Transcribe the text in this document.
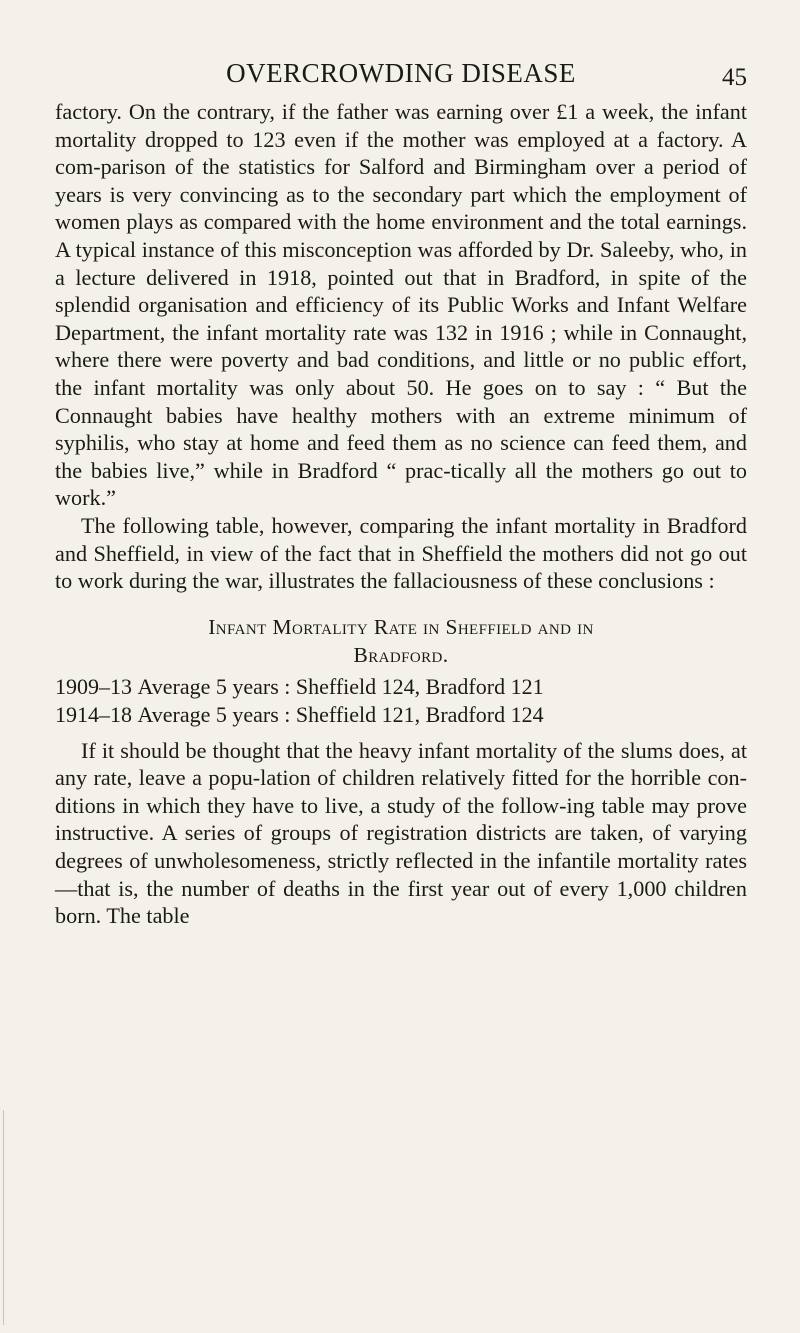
OVERCROWDING DISEASE	45

factory. On the contrary, if the father was earning over £1 a week, the infant mortality dropped to 123 even if the mother was employed at a factory. A com-parison of the statistics for Salford and Birmingham over a period of years is very convincing as to the secondary part which the employment of women plays as compared with the home environment and the total earnings. A typical instance of this misconception was afforded by Dr. Saleeby, who, in a lecture delivered in 1918, pointed out that in Bradford, in spite of the splendid organisation and efficiency of its Public Works and Infant Welfare Department, the infant mortality rate was 132 in 1916 ; while in Connaught, where there were poverty and bad conditions, and little or no public effort, the infant mortality was only about 50. He goes on to say : “ But the Connaught babies have healthy mothers with an extreme minimum of syphilis, who stay at home and feed them as no science can feed them, and the babies live,” while in Bradford “ prac-tically all the mothers go out to work.”

The following table, however, comparing the infant mortality in Bradford and Sheffield, in view of the fact that in Sheffield the mothers did not go out to work during the war, illustrates the fallaciousness of these conclusions :

Infant Mortality Rate in Sheffield and in
Bradford.
1909–13
Average 5 years :
Sheffield 124,
Bradford 121
1914–18
Average 5 years :
Sheffield 121,
Bradford 124

If it should be thought that the heavy infant mortality of the slums does, at any rate, leave a popu-lation of children relatively fitted for the horrible con-ditions in which they have to live, a study of the follow-ing table may prove instructive. A series of groups of registration districts are taken, of varying degrees of unwholesomeness, strictly reflected in the infantile mortality rates—that is, the number of deaths in the first year out of every 1,000 children born. The table
